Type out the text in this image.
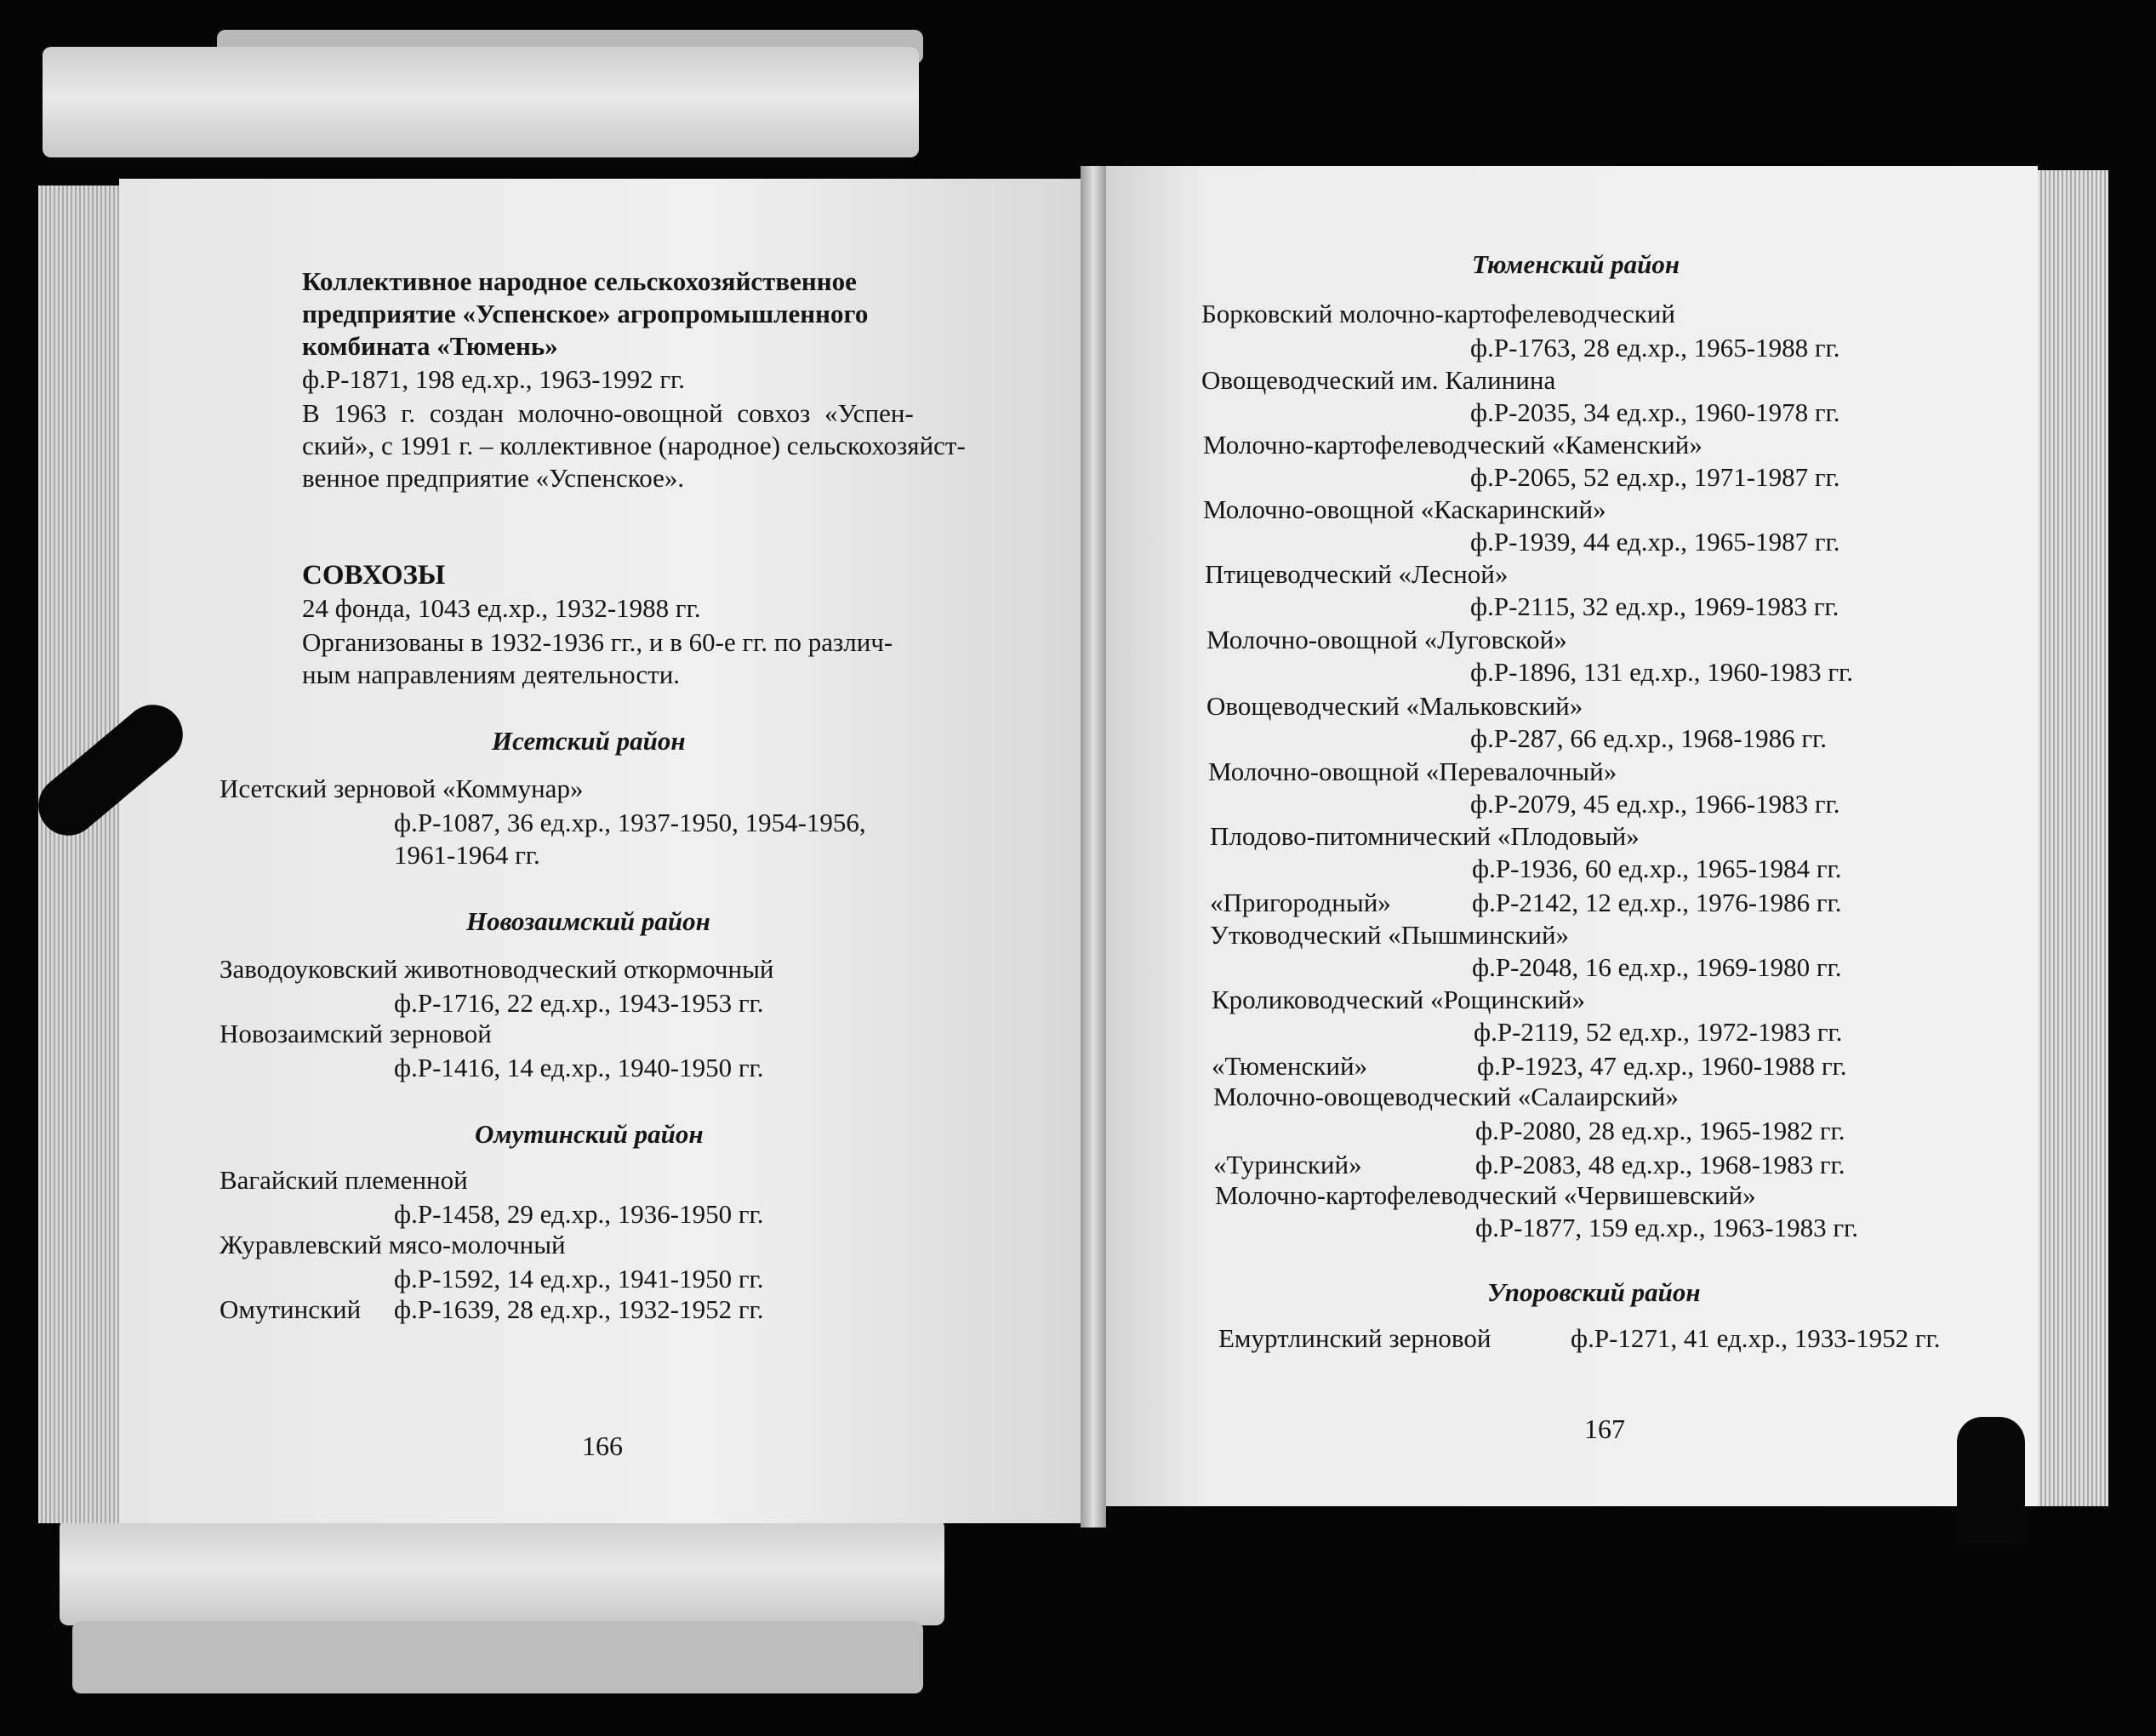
Коллективное народное сельскохозяйственное
предприятие «Успенское» агропромышленного
комбината «Тюмень»
ф.Р-1871, 198 ед.хр., 1963-1992 гг.
В 1963 г. создан молочно-овощной совхоз «Успен-
ский», с 1991 г. – коллективное (народное) сельскохозяйст-
венное предприятие «Успенское».
СОВХОЗЫ
24 фонда, 1043 ед.хр., 1932-1988 гг.
Организованы в 1932-1936 гг., и в 60-е гг. по различ-
ным направлениям деятельности.
Исетский район
Исетский зерновой «Коммунар»
ф.Р-1087, 36 ед.хр., 1937-1950, 1954-1956,
1961-1964 гг.
Новозаимский район
Заводоуковский животноводческий откормочный
ф.Р-1716, 22 ед.хр., 1943-1953 гг.
Новозаимский зерновой
ф.Р-1416, 14 ед.хр., 1940-1950 гг.
Омутинский район
Вагайский племенной
ф.Р-1458, 29 ед.хр., 1936-1950 гг.
Журавлевский мясо-молочный
ф.Р-1592, 14 ед.хр., 1941-1950 гг.
Омутинский ф.Р-1639, 28 ед.хр., 1932-1952 гг.
166
Тюменский район
Борковский молочно-картофелеводческий
ф.Р-1763, 28 ед.хр., 1965-1988 гг.
Овощеводческий им. Калинина
ф.Р-2035, 34 ед.хр., 1960-1978 гг.
Молочно-картофелеводческий «Каменский»
ф.Р-2065, 52 ед.хр., 1971-1987 гг.
Молочно-овощной «Каскаринский»
ф.Р-1939, 44 ед.хр., 1965-1987 гг.
Птицеводческий «Лесной»
ф.Р-2115, 32 ед.хр., 1969-1983 гг.
Молочно-овощной «Луговской»
ф.Р-1896, 131 ед.хр., 1960-1983 гг.
Овощеводческий «Мальковский»
ф.Р-287, 66 ед.хр., 1968-1986 гг.
Молочно-овощной «Перевалочный»
ф.Р-2079, 45 ед.хр., 1966-1983 гг.
Плодово-питомнический «Плодовый»
ф.Р-1936, 60 ед.хр., 1965-1984 гг.
«Пригородный»	ф.Р-2142, 12 ед.хр., 1976-1986 гг.
Утководческий «Пышминский»
ф.Р-2048, 16 ед.хр., 1969-1980 гг.
Кролиководческий «Рощинский»
ф.Р-2119, 52 ед.хр., 1972-1983 гг.
«Тюменский»	ф.Р-1923, 47 ед.хр., 1960-1988 гг.
Молочно-овощеводческий «Салаирский»
ф.Р-2080, 28 ед.хр., 1965-1982 гг.
«Туринский»	ф.Р-2083, 48 ед.хр., 1968-1983 гг.
Молочно-картофелеводческий «Червишевский»
ф.Р-1877, 159 ед.хр., 1963-1983 гг.
Упоровский район
Емуртлинский зерновой	ф.Р-1271, 41 ед.хр., 1933-1952 гг.
167
